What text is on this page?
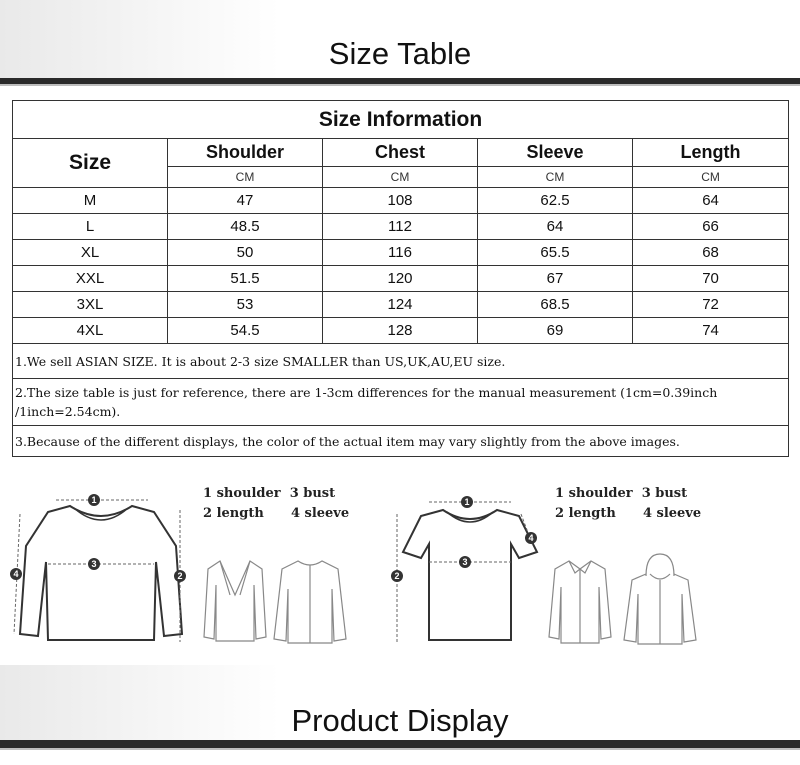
Size Table
Size Information				
Size	Shoulder	Chest	Sleeve	Length
	CM	CM	CM	CM
M	47	108	62.5	64
L	48.5	112	64	66
XL	50	116	65.5	68
XXL	51.5	120	67	70
3XL	53	124	68.5	72
4XL	54.5	128	69	74
1.We sell ASIAN SIZE. It is about 2-3 size SMALLER than US,UK,AU,EU size.				
2.The size table is just for reference, there are 1-3cm differences for the manual measurement (1cm=0.39inch /1inch=2.54cm).				
3.Because of the different displays, the color of the actual item may vary slightly from the above images.				
1
3
2
4
1 shoulder 3 bust
2 length 4 sleeve
1
3
2
4
1 shoulder 3 bust
2 length 4 sleeve
Product Display
